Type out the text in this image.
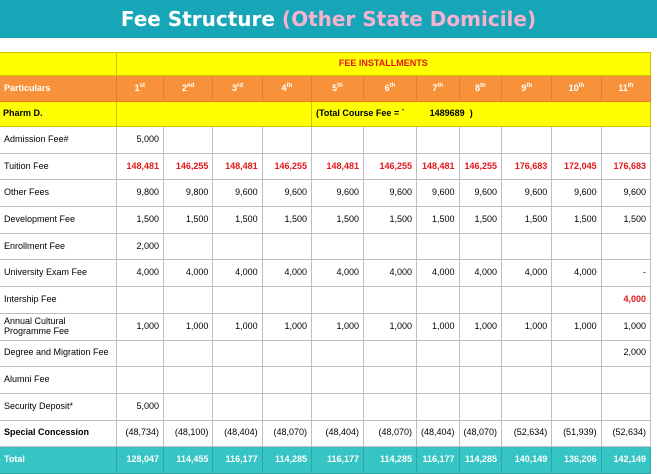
Fee Structure (Other State Domicile)
	FEE INSTALLMENTS										
Particulars	1st	2nd	3rd	4th	5th	6th	7th	8th	9th	10th	11th
Pharm D.					(Total Course Fee = ` 1489689 )						
Admission Fee#	5,000										
Tuition Fee	148,481	146,255	148,481	146,255	148,481	146,255	148,481	146,255	176,683	172,045	176,683
Other Fees	9,800	9,800	9,600	9,600	9,600	9,600	9,600	9,600	9,600	9,600	9,600
Development Fee	1,500	1,500	1,500	1,500	1,500	1,500	1,500	1,500	1,500	1,500	1,500
Enrollment Fee	2,000										
University Exam Fee	4,000	4,000	4,000	4,000	4,000	4,000	4,000	4,000	4,000	4,000	-
Intership Fee											4,000
Annual Cultural Programme Fee	1,000	1,000	1,000	1,000	1,000	1,000	1,000	1,000	1,000	1,000	1,000
Degree and Migration Fee											2,000
Alumni Fee											
Security Deposit*	5,000										
Special Concession	(48,734)	(48,100)	(48,404)	(48,070)	(48,404)	(48,070)	(48,404)	(48,070)	(52,634)	(51,939)	(52,634)
Total	128,047	114,455	116,177	114,285	116,177	114,285	116,177	114,285	140,149	136,206	142,149
